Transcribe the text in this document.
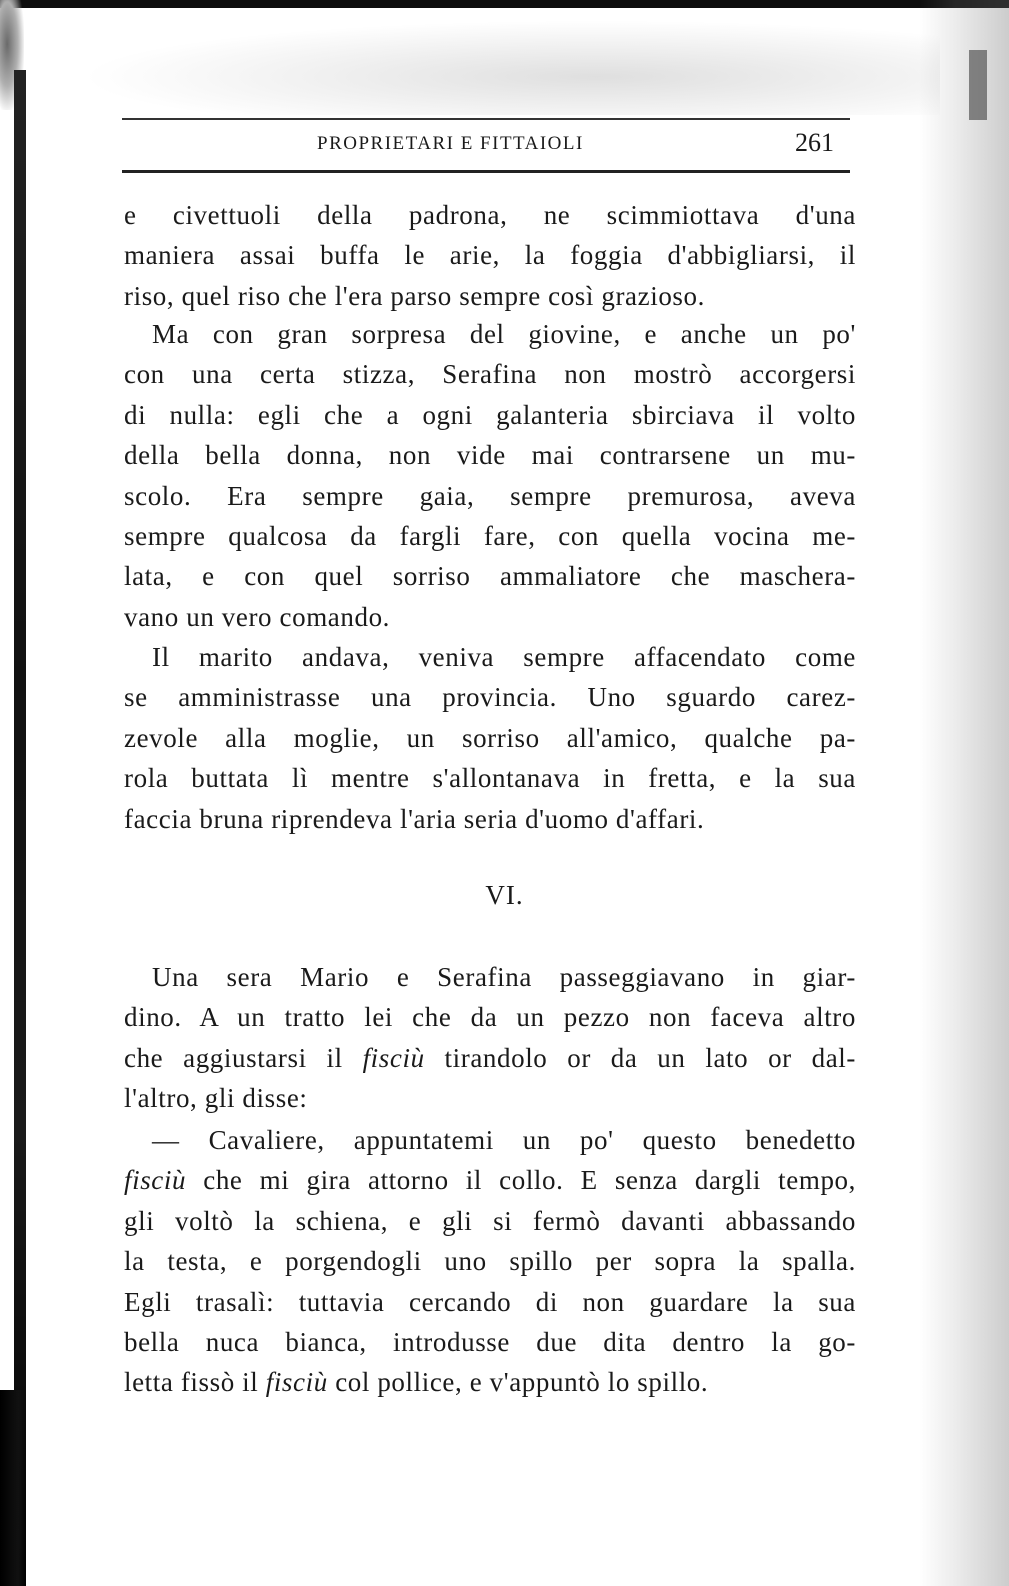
PROPRIETARI E FITTAIOLI	261
e civettuoli della padrona, ne scimmiottava d'una
maniera assai buffa le arie, la foggia d'abbigliarsi, il
riso, quel riso che l'era parso sempre così grazioso.
Ma con gran sorpresa del giovine, e anche un po'
con una certa stizza, Serafina non mostrò accorgersi
di nulla: egli che a ogni galanteria sbirciava il volto
della bella donna, non vide mai contrarsene un mu-
scolo. Era sempre gaia, sempre premurosa, aveva
sempre qualcosa da fargli fare, con quella vocina me-
lata, e con quel sorriso ammaliatore che maschera-
vano un vero comando.
Il marito andava, veniva sempre affacendato come
se amministrasse una provincia. Uno sguardo carez-
zevole alla moglie, un sorriso all'amico, qualche pa-
rola buttata lì mentre s'allontanava in fretta, e la sua
faccia bruna riprendeva l'aria seria d'uomo d'affari.
VI.
Una sera Mario e Serafina passeggiavano in giar-
dino. A un tratto lei che da un pezzo non faceva altro
che aggiustarsi il fisciù tirandolo or da un lato or dal-
l'altro, gli disse:
— Cavaliere, appuntatemi un po' questo benedetto
fisciù che mi gira attorno il collo. E senza dargli tempo,
gli voltò la schiena, e gli si fermò davanti abbassando
la testa, e porgendogli uno spillo per sopra la spalla.
Egli trasalì: tuttavia cercando di non guardare la sua
bella nuca bianca, introdusse due dita dentro la go-
letta fissò il fisciù col pollice, e v'appuntò lo spillo.
